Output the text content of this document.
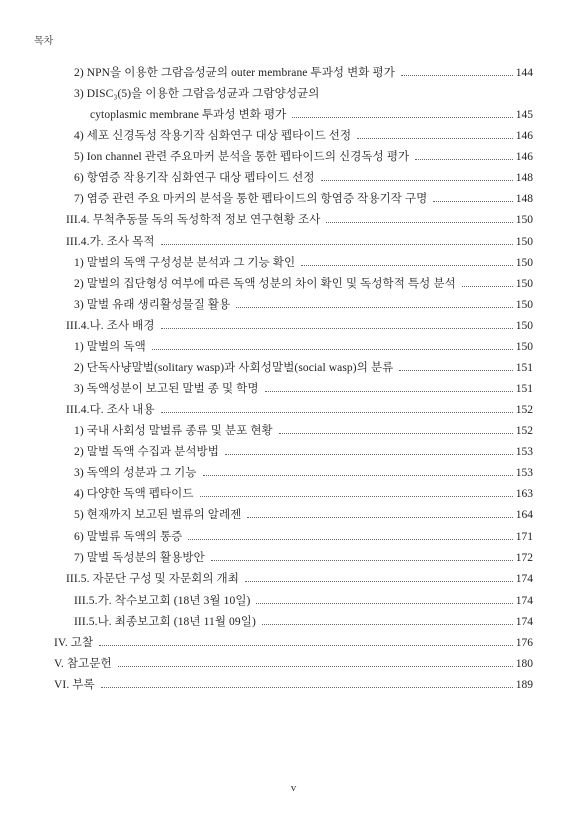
목차
2) NPN을 이용한 그람음성균의 outer membrane 투과성 변화 평가	144
3) DISC₃(5)을 이용한 그람음성균과 그람양성균의
cytoplasmic membrane 투과성 변화 평가	145
4) 세포 신경독성 작용기작 심화연구 대상 펩타이드 선정	146
5) Ion channel 관련 주요마커 분석을 통한 펩타이드의 신경독성 평가	146
6) 항염증 작용기작 심화연구 대상 펩타이드 선정	148
7) 염증 관련 주요 마커의 분석을 통한 펩타이드의 항염증 작용기작 구명	148
III.4. 무척추동물 독의 독성학적 정보 연구현황 조사	150
III.4.가. 조사 목적	150
1) 말벌의 독액 구성성분 분석과 그 기능 확인	150
2) 말벌의 집단형성 여부에 따른 독액 성분의 차이 확인 및 독성학적 특성 분석	150
3) 말벌 유래 생리활성물질 활용	150
III.4.나. 조사 배경	150
1) 말벌의 독액	150
2) 단독사냥말벌(solitary wasp)과 사회성말벌(social wasp)의 분류	151
3) 독액성분이 보고된 말벌 종 및 학명	151
III.4.다. 조사 내용	152
1) 국내 사회성 말벌류 종류 및 분포 현황	152
2) 말벌 독액 수집과 분석방법	153
3) 독액의 성분과 그 기능	153
4) 다양한 독액 펩타이드	163
5) 현재까지 보고된 벌류의 알레젠	164
6) 말벌류 독액의 통증	171
7) 말벌 독성분의 활용방안	172
III.5. 자문단 구성 및 자문회의 개최	174
III.5.가. 착수보고회 (18년 3월 10일)	174
III.5.나. 최종보고회 (18년 11월 09일)	174
IV. 고찰	176
V. 참고문헌	180
VI. 부록	189
v
